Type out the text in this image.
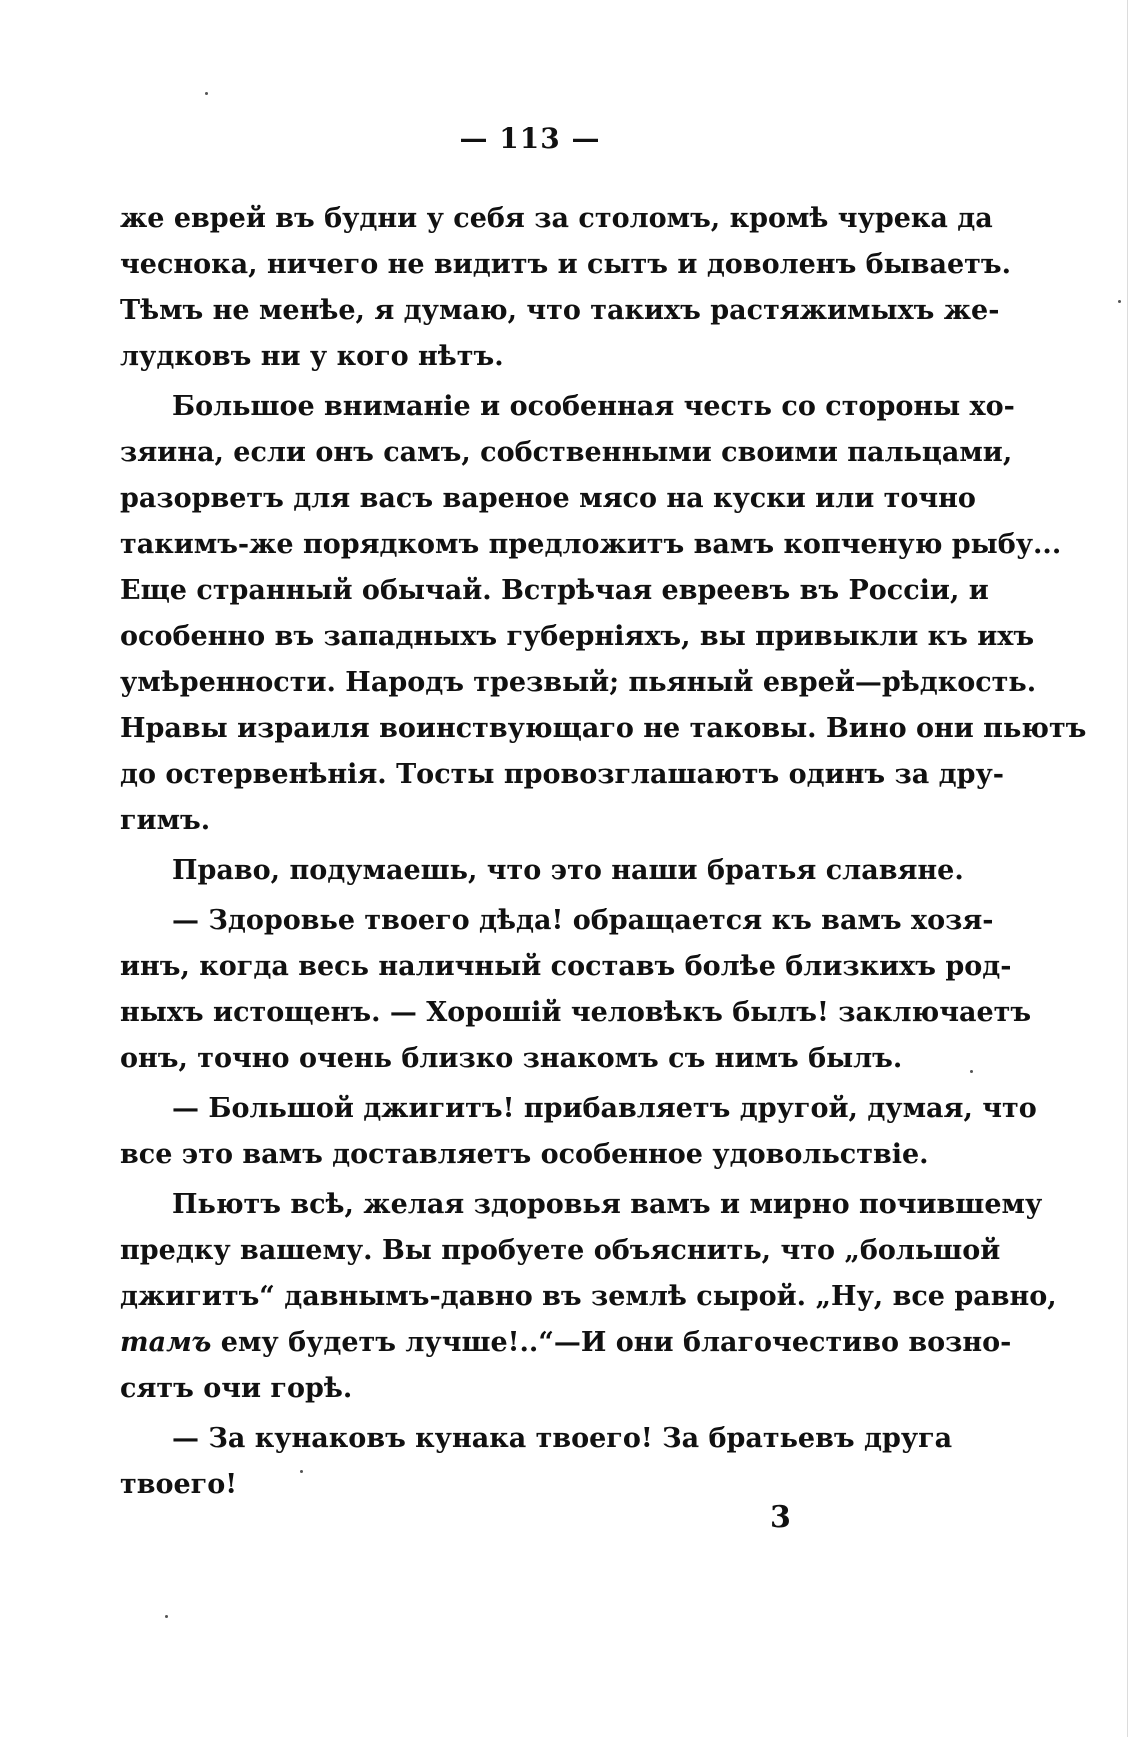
— 113 —
же еврей въ будни у себя за столомъ, кромѣ чурека да
чеснока, ничего не видитъ и сытъ и доволенъ бываетъ.
Тѣмъ не менѣе, я думаю, что такихъ растяжимыхъ же-
лудковъ ни у кого нѣтъ.
Большое вниманіе и особенная честь со стороны хо-
зяина, если онъ самъ, собственными своими пальцами,
разорветъ для васъ вареное мясо на куски или точно
такимъ-же порядкомъ предложитъ вамъ копченую рыбу...
Еще странный обычай. Встрѣчая евреевъ въ Россіи, и
особенно въ западныхъ губерніяхъ, вы привыкли къ ихъ
умѣренности. Народъ трезвый; пьяный еврей—рѣдкость.
Нравы израиля воинствующаго не таковы. Вино они пьютъ
до остервенѣнія. Тосты провозглашаютъ одинъ за дру-
гимъ.
Право, подумаешь, что это наши братья славяне.
— Здоровье твоего дѣда! обращается къ вамъ хозя-
инъ, когда весь наличный составъ болѣе близкихъ род-
ныхъ истощенъ. — Хорошій человѣкъ былъ! заключаетъ
онъ, точно очень близко знакомъ съ нимъ былъ.
— Большой джигитъ! прибавляетъ другой, думая, что
все это вамъ доставляетъ особенное удовольствіе.
Пьютъ всѣ, желая здоровья вамъ и мирно почившему
предку вашему. Вы пробуете объяснить, что „большой
джигитъ“ давнымъ-давно въ землѣ сырой. „Ну, все равно,
тамъ ему будетъ лучше!..“—И они благочестиво возно-
сятъ очи горѣ.
— За кунаковъ кунака твоего! За братьевъ друга
твоего!
3
